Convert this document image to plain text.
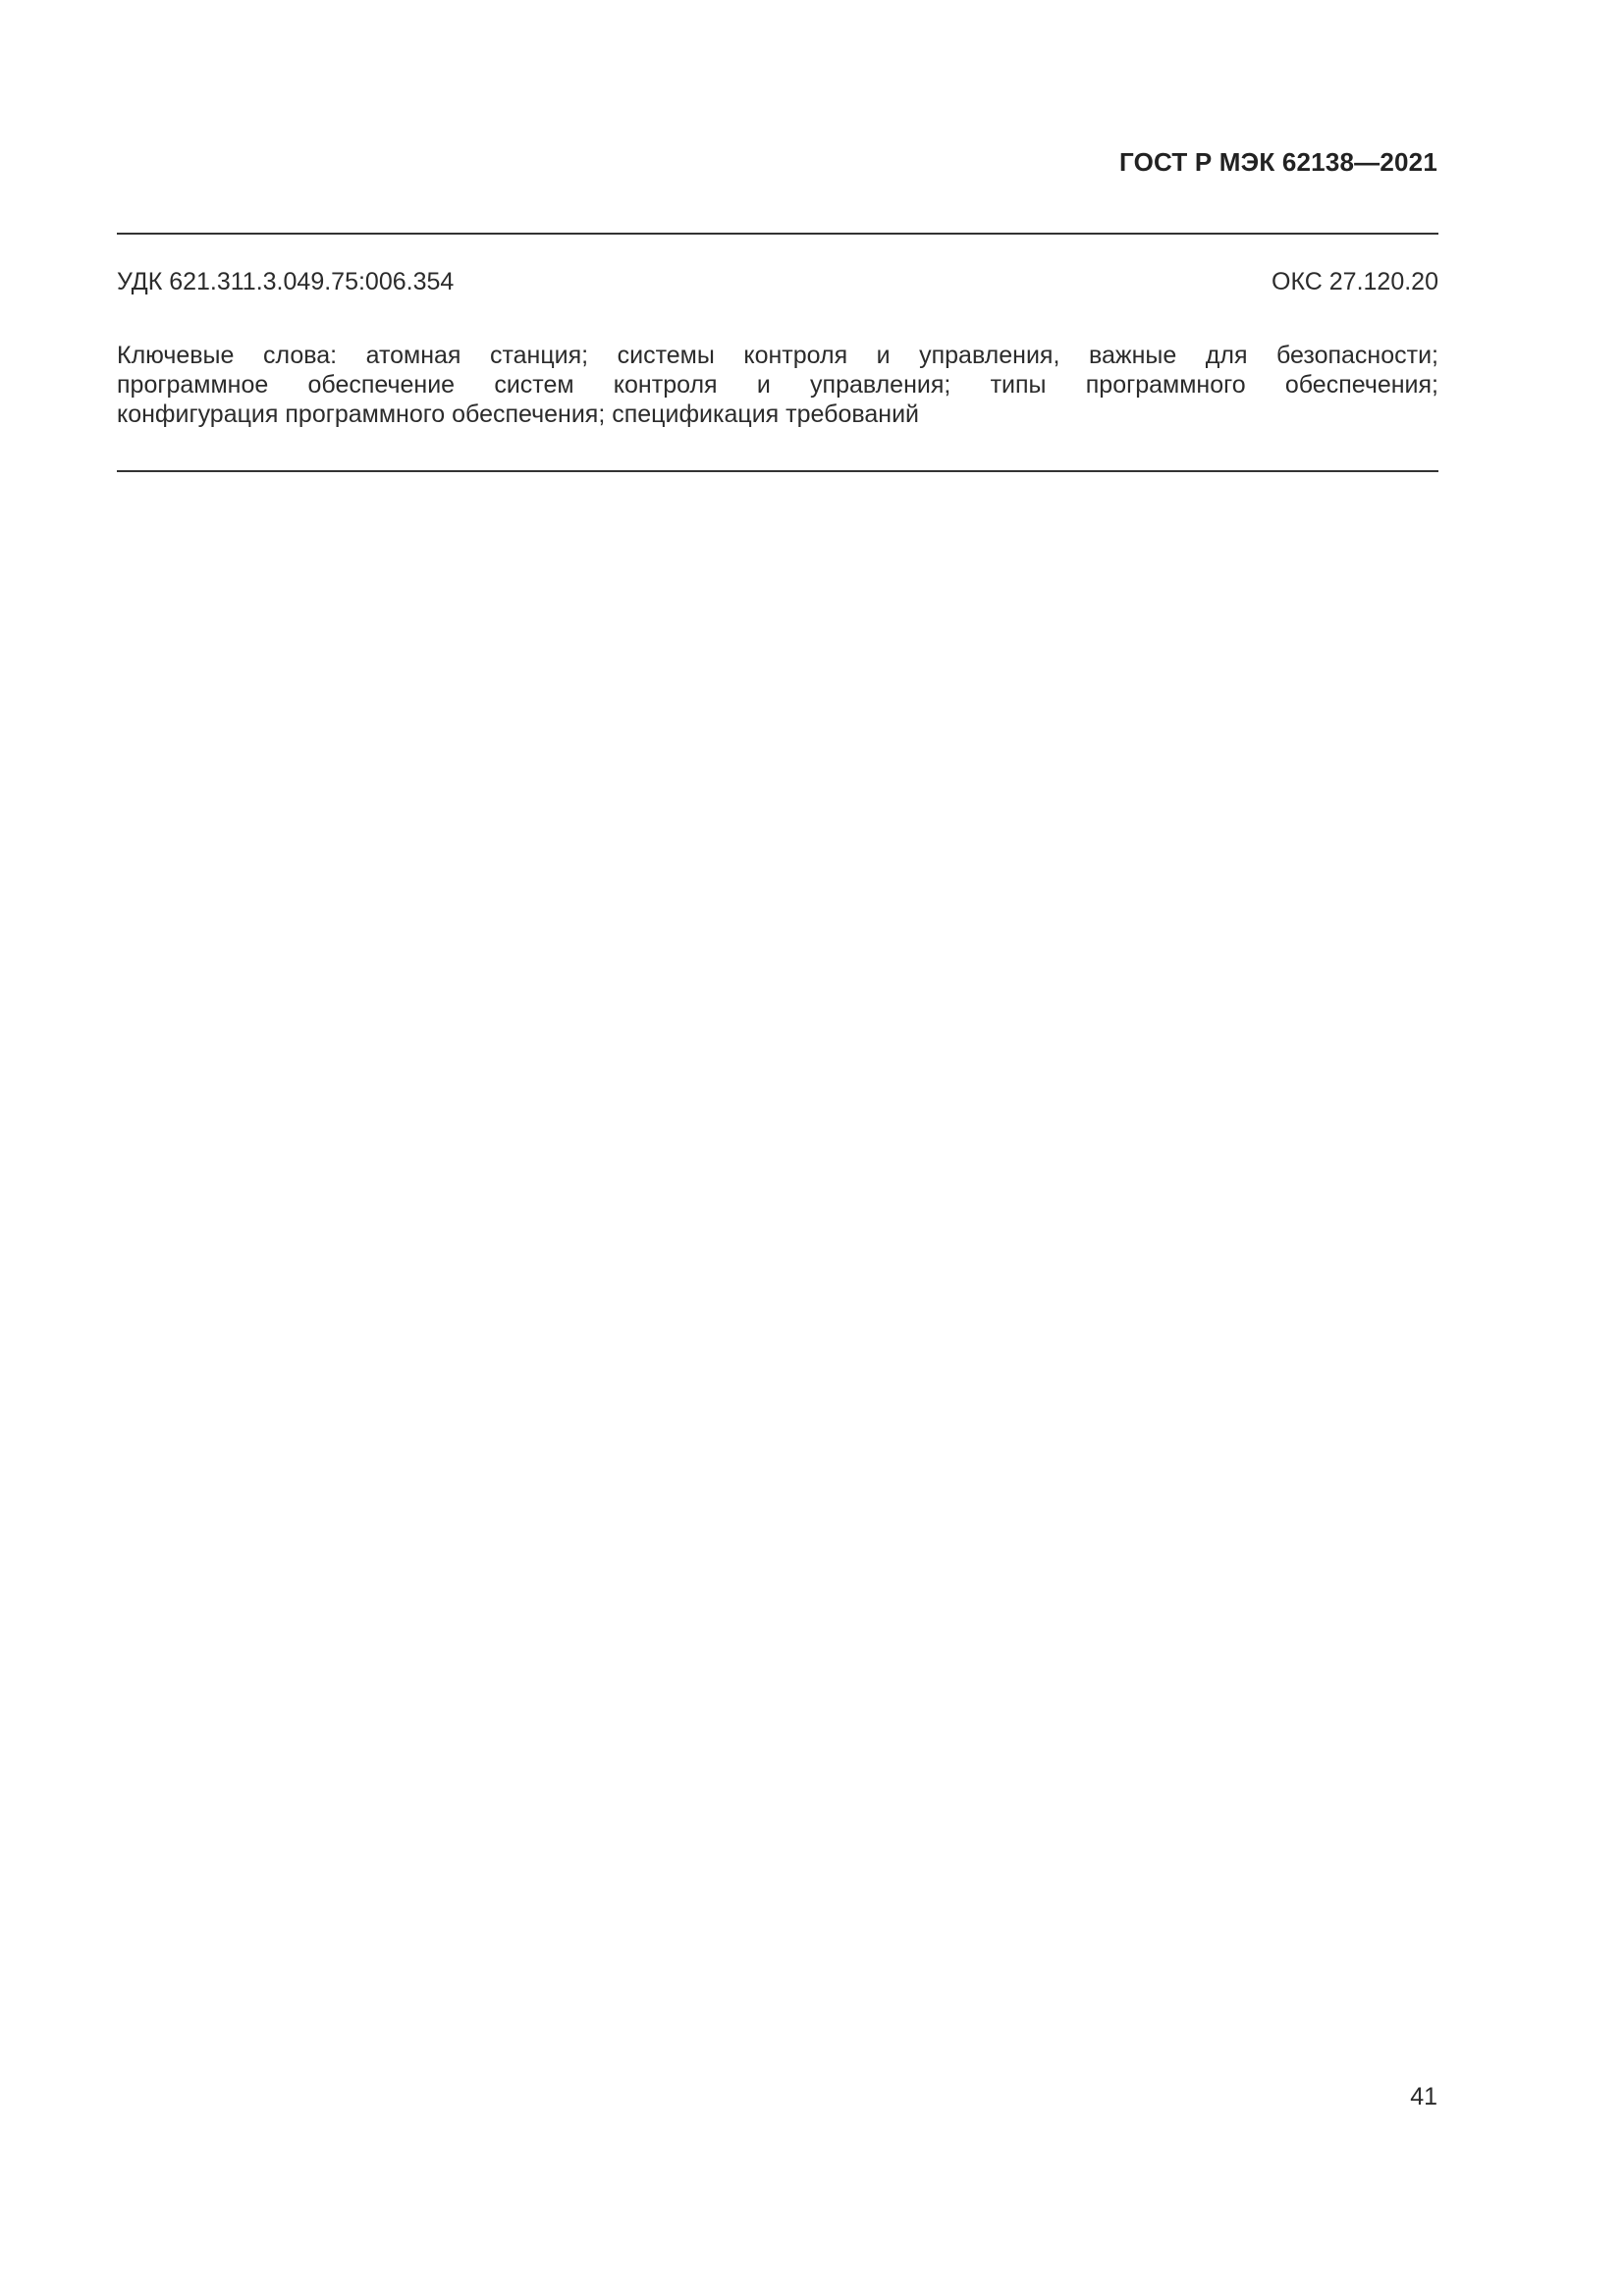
ГОСТ Р МЭК 62138—2021
УДК 621.311.3.049.75:006.354	ОКС 27.120.20
Ключевые слова: атомная станция; системы контроля и управления, важные для безопасности;
программное обеспечение систем контроля и управления; типы программного обеспечения;
конфигурация программного обеспечения; спецификация требований
41
